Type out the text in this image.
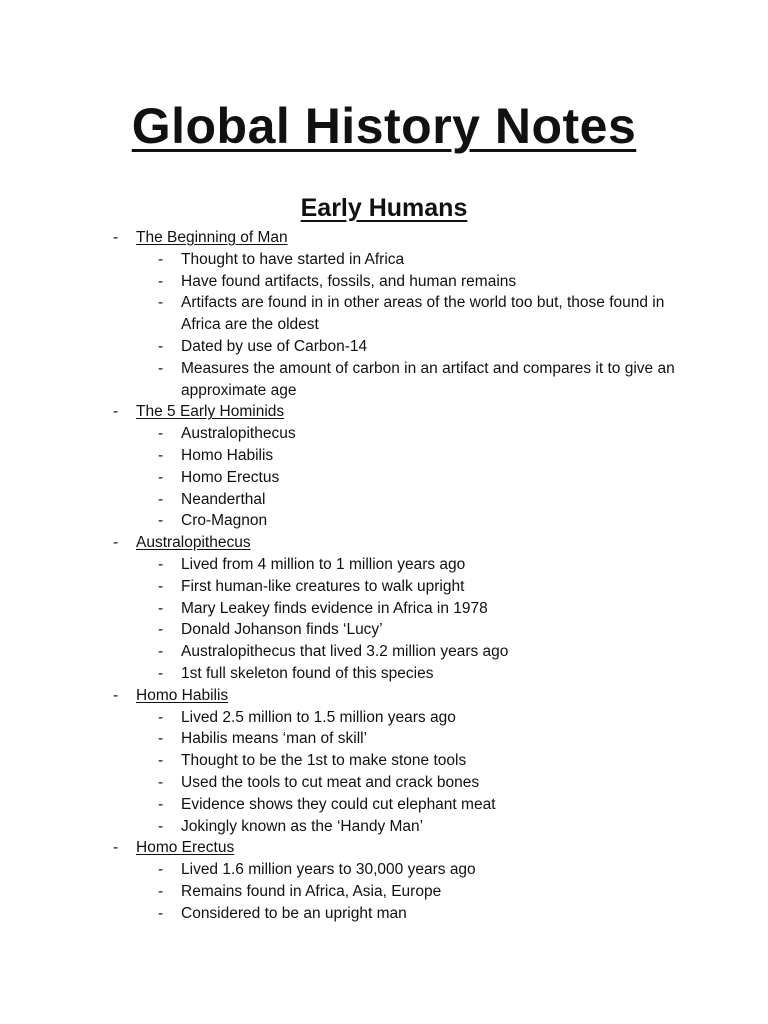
Global History Notes
Early Humans
- The Beginning of Man
- Thought to have started in Africa
- Have found artifacts, fossils, and human remains
- Artifacts are found in in other areas of the world too but, those found in Africa are the oldest
- Dated by use of Carbon-14
- Measures the amount of carbon in an artifact and compares it to give an approximate age
- The 5 Early Hominids
- Australopithecus
- Homo Habilis
- Homo Erectus
- Neanderthal
- Cro-Magnon
- Australopithecus
- Lived from 4 million to 1 million years ago
- First human-like creatures to walk upright
- Mary Leakey finds evidence in Africa in 1978
- Donald Johanson finds ‘Lucy’
- Australopithecus that lived 3.2 million years ago
- 1st full skeleton found of this species
- Homo Habilis
- Lived 2.5 million to 1.5 million years ago
- Habilis means ‘man of skill’
- Thought to be the 1st to make stone tools
- Used the tools to cut meat and crack bones
- Evidence shows they could cut elephant meat
- Jokingly known as the ‘Handy Man’
- Homo Erectus
- Lived 1.6 million years to 30,000 years ago
- Remains found in Africa, Asia, Europe
- Considered to be an upright man
